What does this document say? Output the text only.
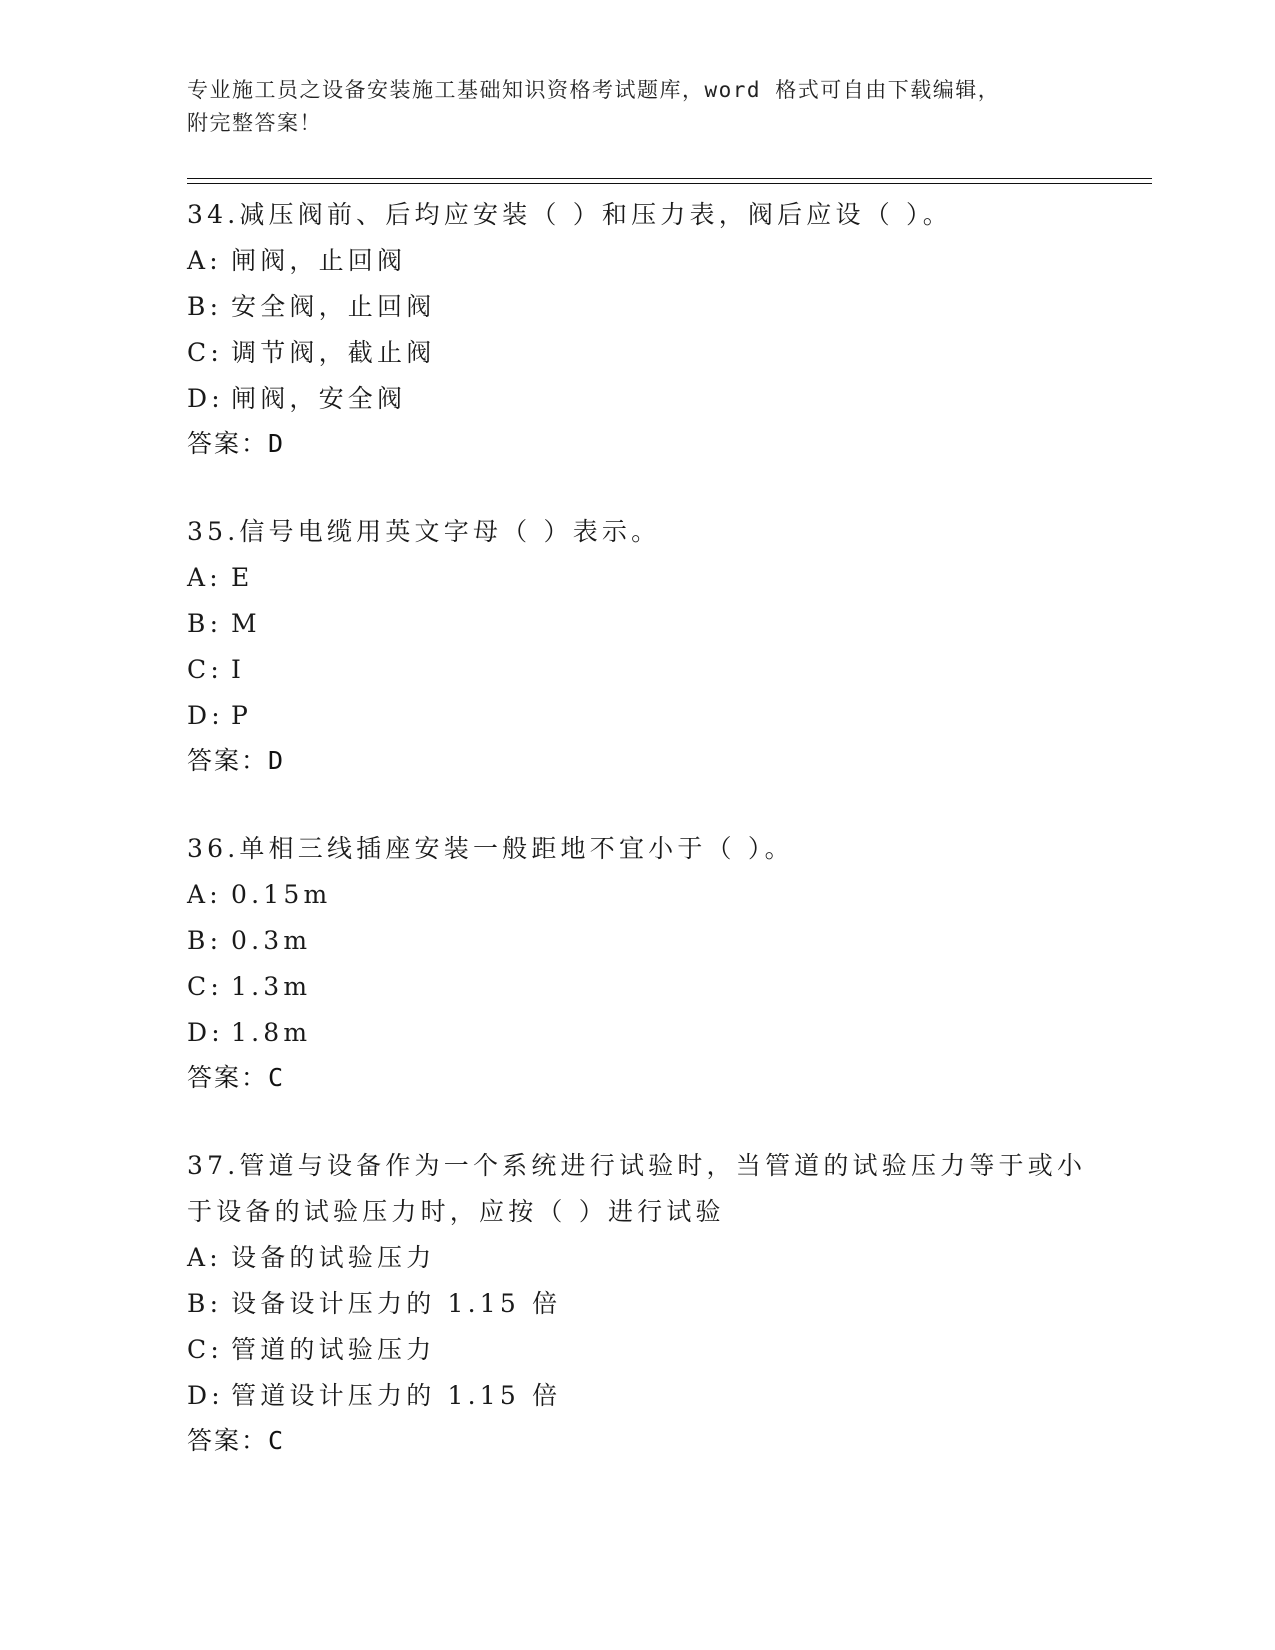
专业施工员之设备安装施工基础知识资格考试题库，word 格式可自由下载编辑，
附完整答案！
34.减压阀前、后均应安装（ ）和压力表，阀后应设（ ）。
A: 闸阀，止回阀
B: 安全阀，止回阀
C: 调节阀，截止阀
D: 闸阀，安全阀
答案：D
35.信号电缆用英文字母（ ）表示。
A: E
B: M
C: I
D: P
答案：D
36.单相三线插座安装一般距地不宜小于（ ）。
A: 0.15m
B: 0.3m
C: 1.3m
D: 1.8m
答案：C
37.管道与设备作为一个系统进行试验时，当管道的试验压力等于或小
于设备的试验压力时，应按（ ）进行试验
A: 设备的试验压力
B: 设备设计压力的 1.15 倍
C: 管道的试验压力
D: 管道设计压力的 1.15 倍
答案：C
